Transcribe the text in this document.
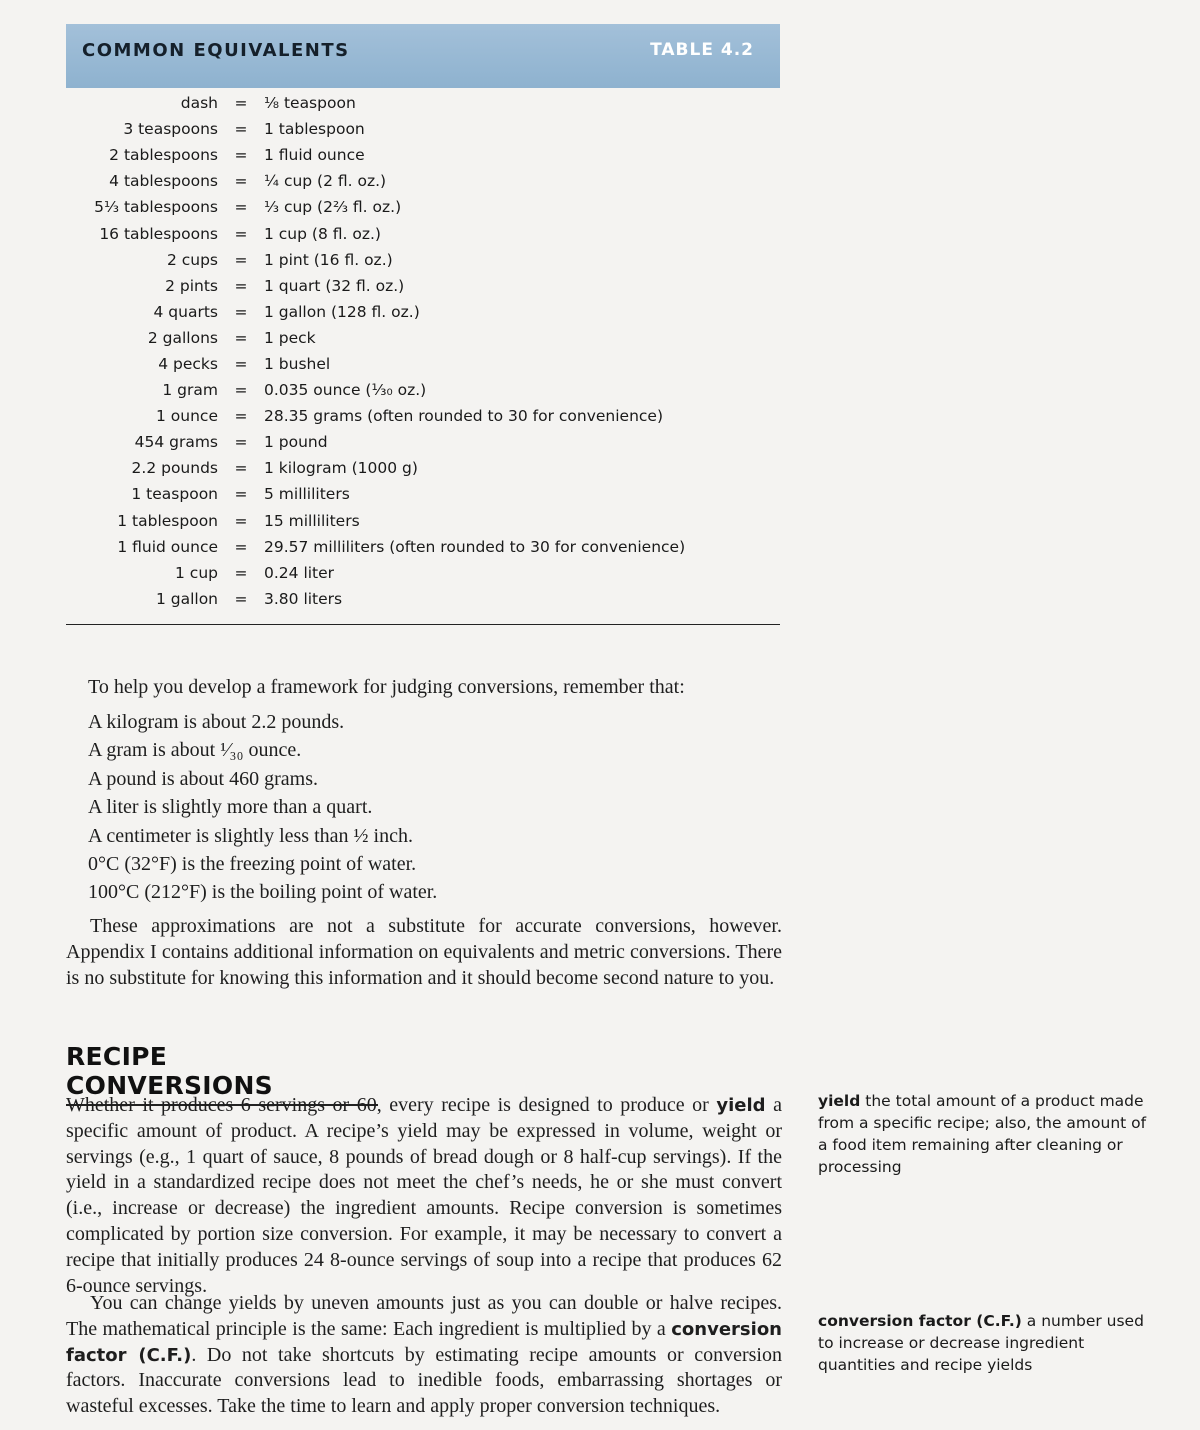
COMMON EQUIVALENTS	TABLE 4.2
dash	=	⅛ teaspoon
3 teaspoons	=	1 tablespoon
2 tablespoons	=	1 fluid ounce
4 tablespoons	=	¼ cup (2 fl. oz.)
5⅓ tablespoons	=	⅓ cup (2⅔ fl. oz.)
16 tablespoons	=	1 cup (8 fl. oz.)
2 cups	=	1 pint (16 fl. oz.)
2 pints	=	1 quart (32 fl. oz.)
4 quarts	=	1 gallon (128 fl. oz.)
2 gallons	=	1 peck
4 pecks	=	1 bushel
1 gram	=	0.035 ounce (¹⁄₃₀ oz.)
1 ounce	=	28.35 grams (often rounded to 30 for convenience)
454 grams	=	1 pound
2.2 pounds	=	1 kilogram (1000 g)
1 teaspoon	=	5 milliliters
1 tablespoon	=	15 milliliters
1 fluid ounce	=	29.57 milliliters (often rounded to 30 for convenience)
1 cup	=	0.24 liter
1 gallon	=	3.80 liters
To help you develop a framework for judging conversions, remember that:
A kilogram is about 2.2 pounds.
A gram is about ¹⁄₃₀ ounce.
A pound is about 460 grams.
A liter is slightly more than a quart.
A centimeter is slightly less than ½ inch.
0°C (32°F) is the freezing point of water.
100°C (212°F) is the boiling point of water.
These approximations are not a substitute for accurate conversions, however. Appendix I contains additional information on equivalents and metric conversions. There is no substitute for knowing this information and it should become second nature to you.
RECIPE CONVERSIONS
Whether it produces 6 servings or 60, every recipe is designed to produce or yield a specific amount of product. A recipe’s yield may be expressed in volume, weight or servings (e.g., 1 quart of sauce, 8 pounds of bread dough or 8 half-cup servings). If the yield in a standardized recipe does not meet the chef’s needs, he or she must convert (i.e., increase or decrease) the ingredient amounts. Recipe conversion is sometimes complicated by portion size conversion. For example, it may be necessary to convert a recipe that initially produces 24 8-ounce servings of soup into a recipe that produces 62 6-ounce servings.
You can change yields by uneven amounts just as you can double or halve recipes. The mathematical principle is the same: Each ingredient is multiplied by a conversion factor (C.F.). Do not take shortcuts by estimating recipe amounts or conversion factors. Inaccurate conversions lead to inedible foods, embarrassing shortages or wasteful excesses. Take the time to learn and apply proper conversion techniques.
yield the total amount of a product made from a specific recipe; also, the amount of a food item remaining after cleaning or processing
conversion factor (C.F.) a number used to increase or decrease ingredient quantities and recipe yields
